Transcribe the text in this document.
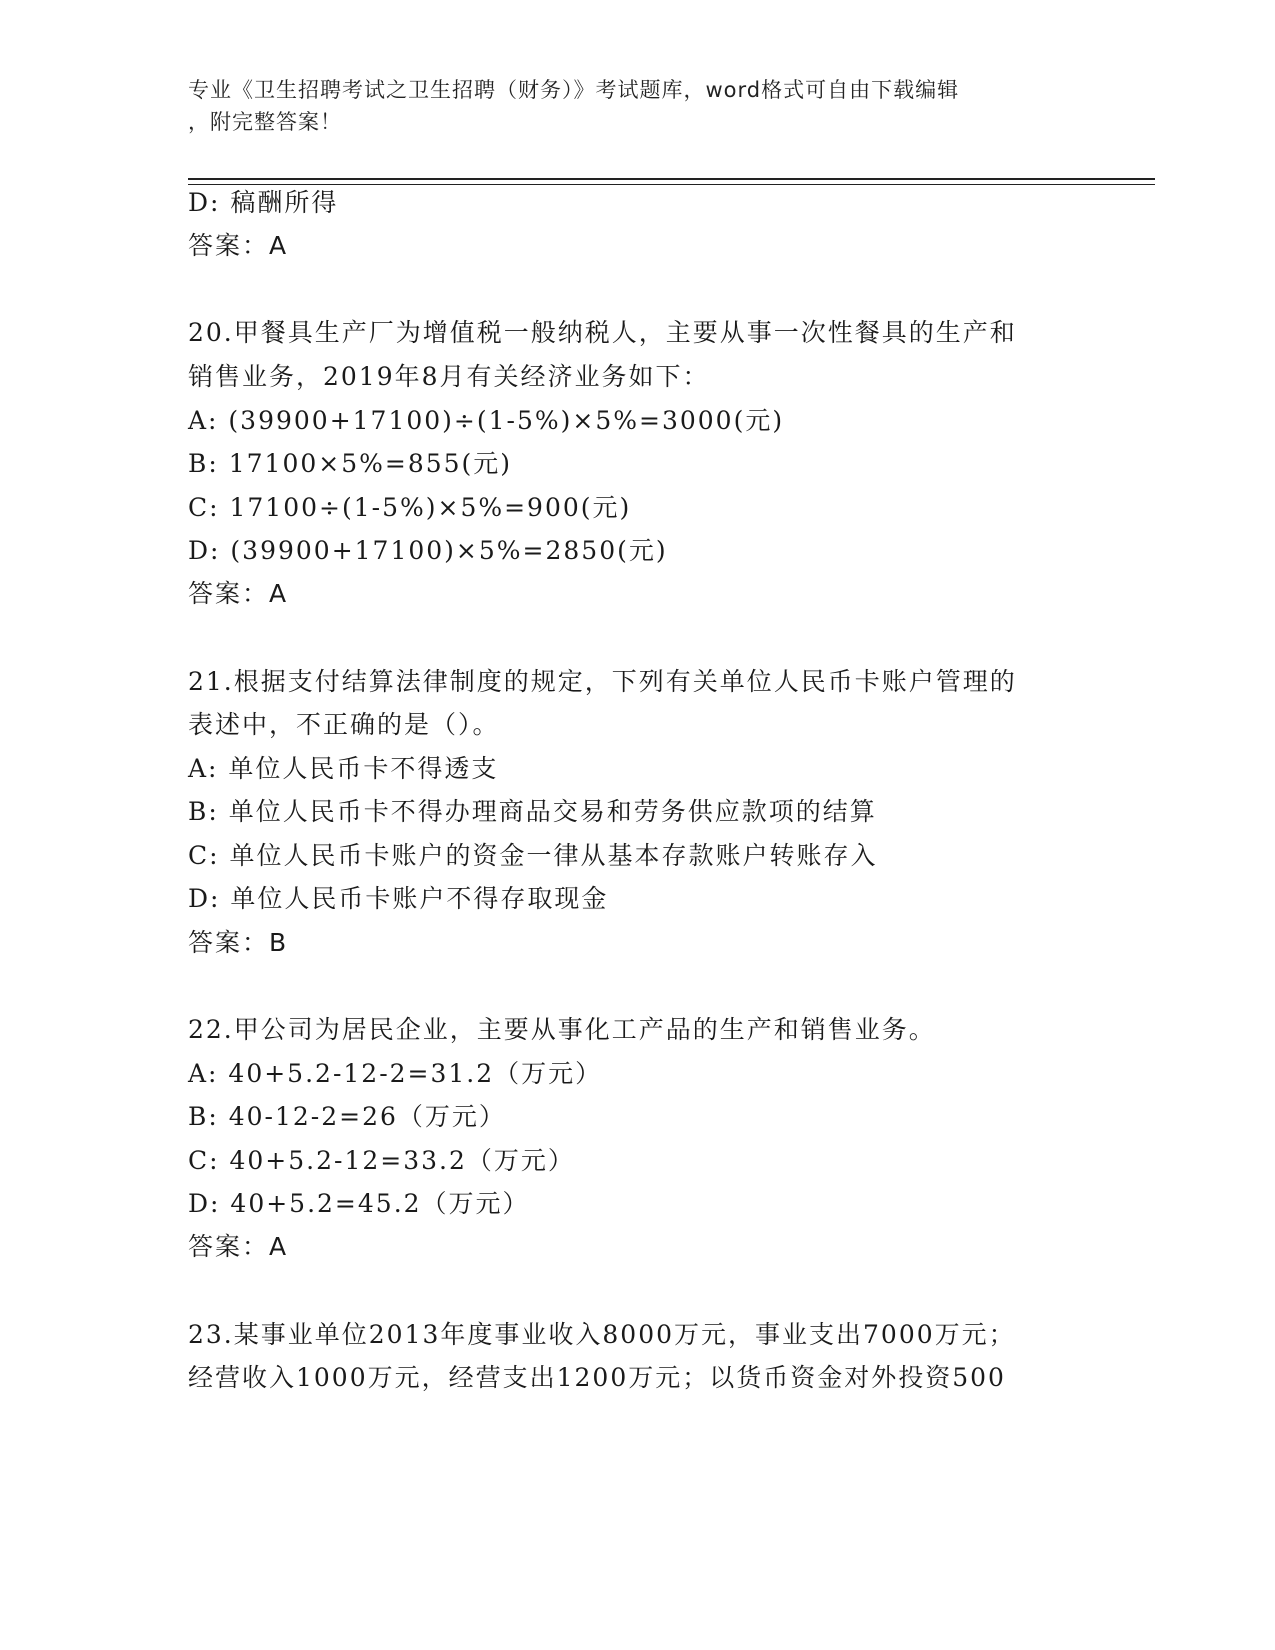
专业《卫生招聘考试之卫生招聘（财务）》考试题库，word格式可自由下载编辑
，附完整答案！
D: 稿酬所得
答案：A
20.甲餐具生产厂为增值税一般纳税人，主要从事一次性餐具的生产和
销售业务，2019年8月有关经济业务如下：
A: (39900+17100)÷(1-5%)×5%=3000(元)
B: 17100×5%=855(元)
C: 17100÷(1-5%)×5%=900(元)
D: (39900+17100)×5%=2850(元)
答案：A
21.根据支付结算法律制度的规定，下列有关单位人民币卡账户管理的
表述中，不正确的是（）。
A: 单位人民币卡不得透支
B: 单位人民币卡不得办理商品交易和劳务供应款项的结算
C: 单位人民币卡账户的资金一律从基本存款账户转账存入
D: 单位人民币卡账户不得存取现金
答案：B
22.甲公司为居民企业，主要从事化工产品的生产和销售业务。
A: 40+5.2-12-2=31.2（万元）
B: 40-12-2=26（万元）
C: 40+5.2-12=33.2（万元）
D: 40+5.2=45.2（万元）
答案：A
23.某事业单位2013年度事业收入8000万元，事业支出7000万元；
经营收入1000万元，经营支出1200万元；以货币资金对外投资500
